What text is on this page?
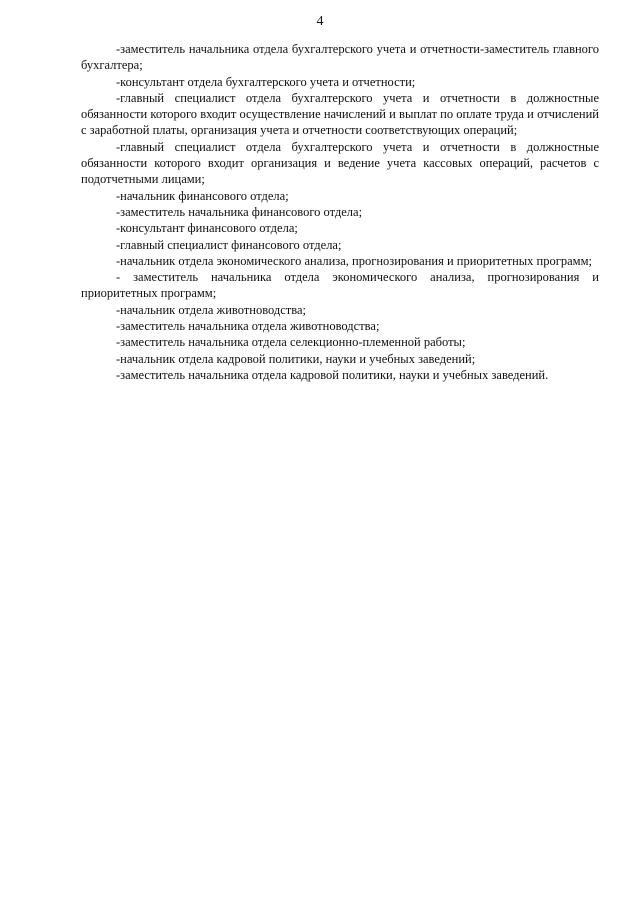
4

-заместитель начальника отдела бухгалтерского учета и отчетности-заместитель главного бухгалтера;

-консультант отдела бухгалтерского учета и отчетности;

-главный специалист отдела бухгалтерского учета и отчетности в должностные обязанности которого входит осуществление начислений и выплат по оплате труда и отчислений с заработной платы, организация учета и отчетности соответствующих операций;

-главный специалист отдела бухгалтерского учета и отчетности в должностные обязанности которого входит организация и ведение учета кассовых операций, расчетов с подотчетными лицами;

-начальник финансового отдела;

-заместитель начальника финансового отдела;

-консультант финансового отдела;

-главный специалист финансового отдела;

-начальник отдела экономического анализа, прогнозирования и приоритетных программ;

- заместитель начальника отдела экономического анализа, прогнозирования и приоритетных программ;

-начальник отдела животноводства;

-заместитель начальника отдела животноводства;

-заместитель начальника отдела селекционно-племенной работы;

-начальник отдела кадровой политики, науки и учебных заведений;

-заместитель начальника отдела кадровой политики, науки и учебных заведений.
